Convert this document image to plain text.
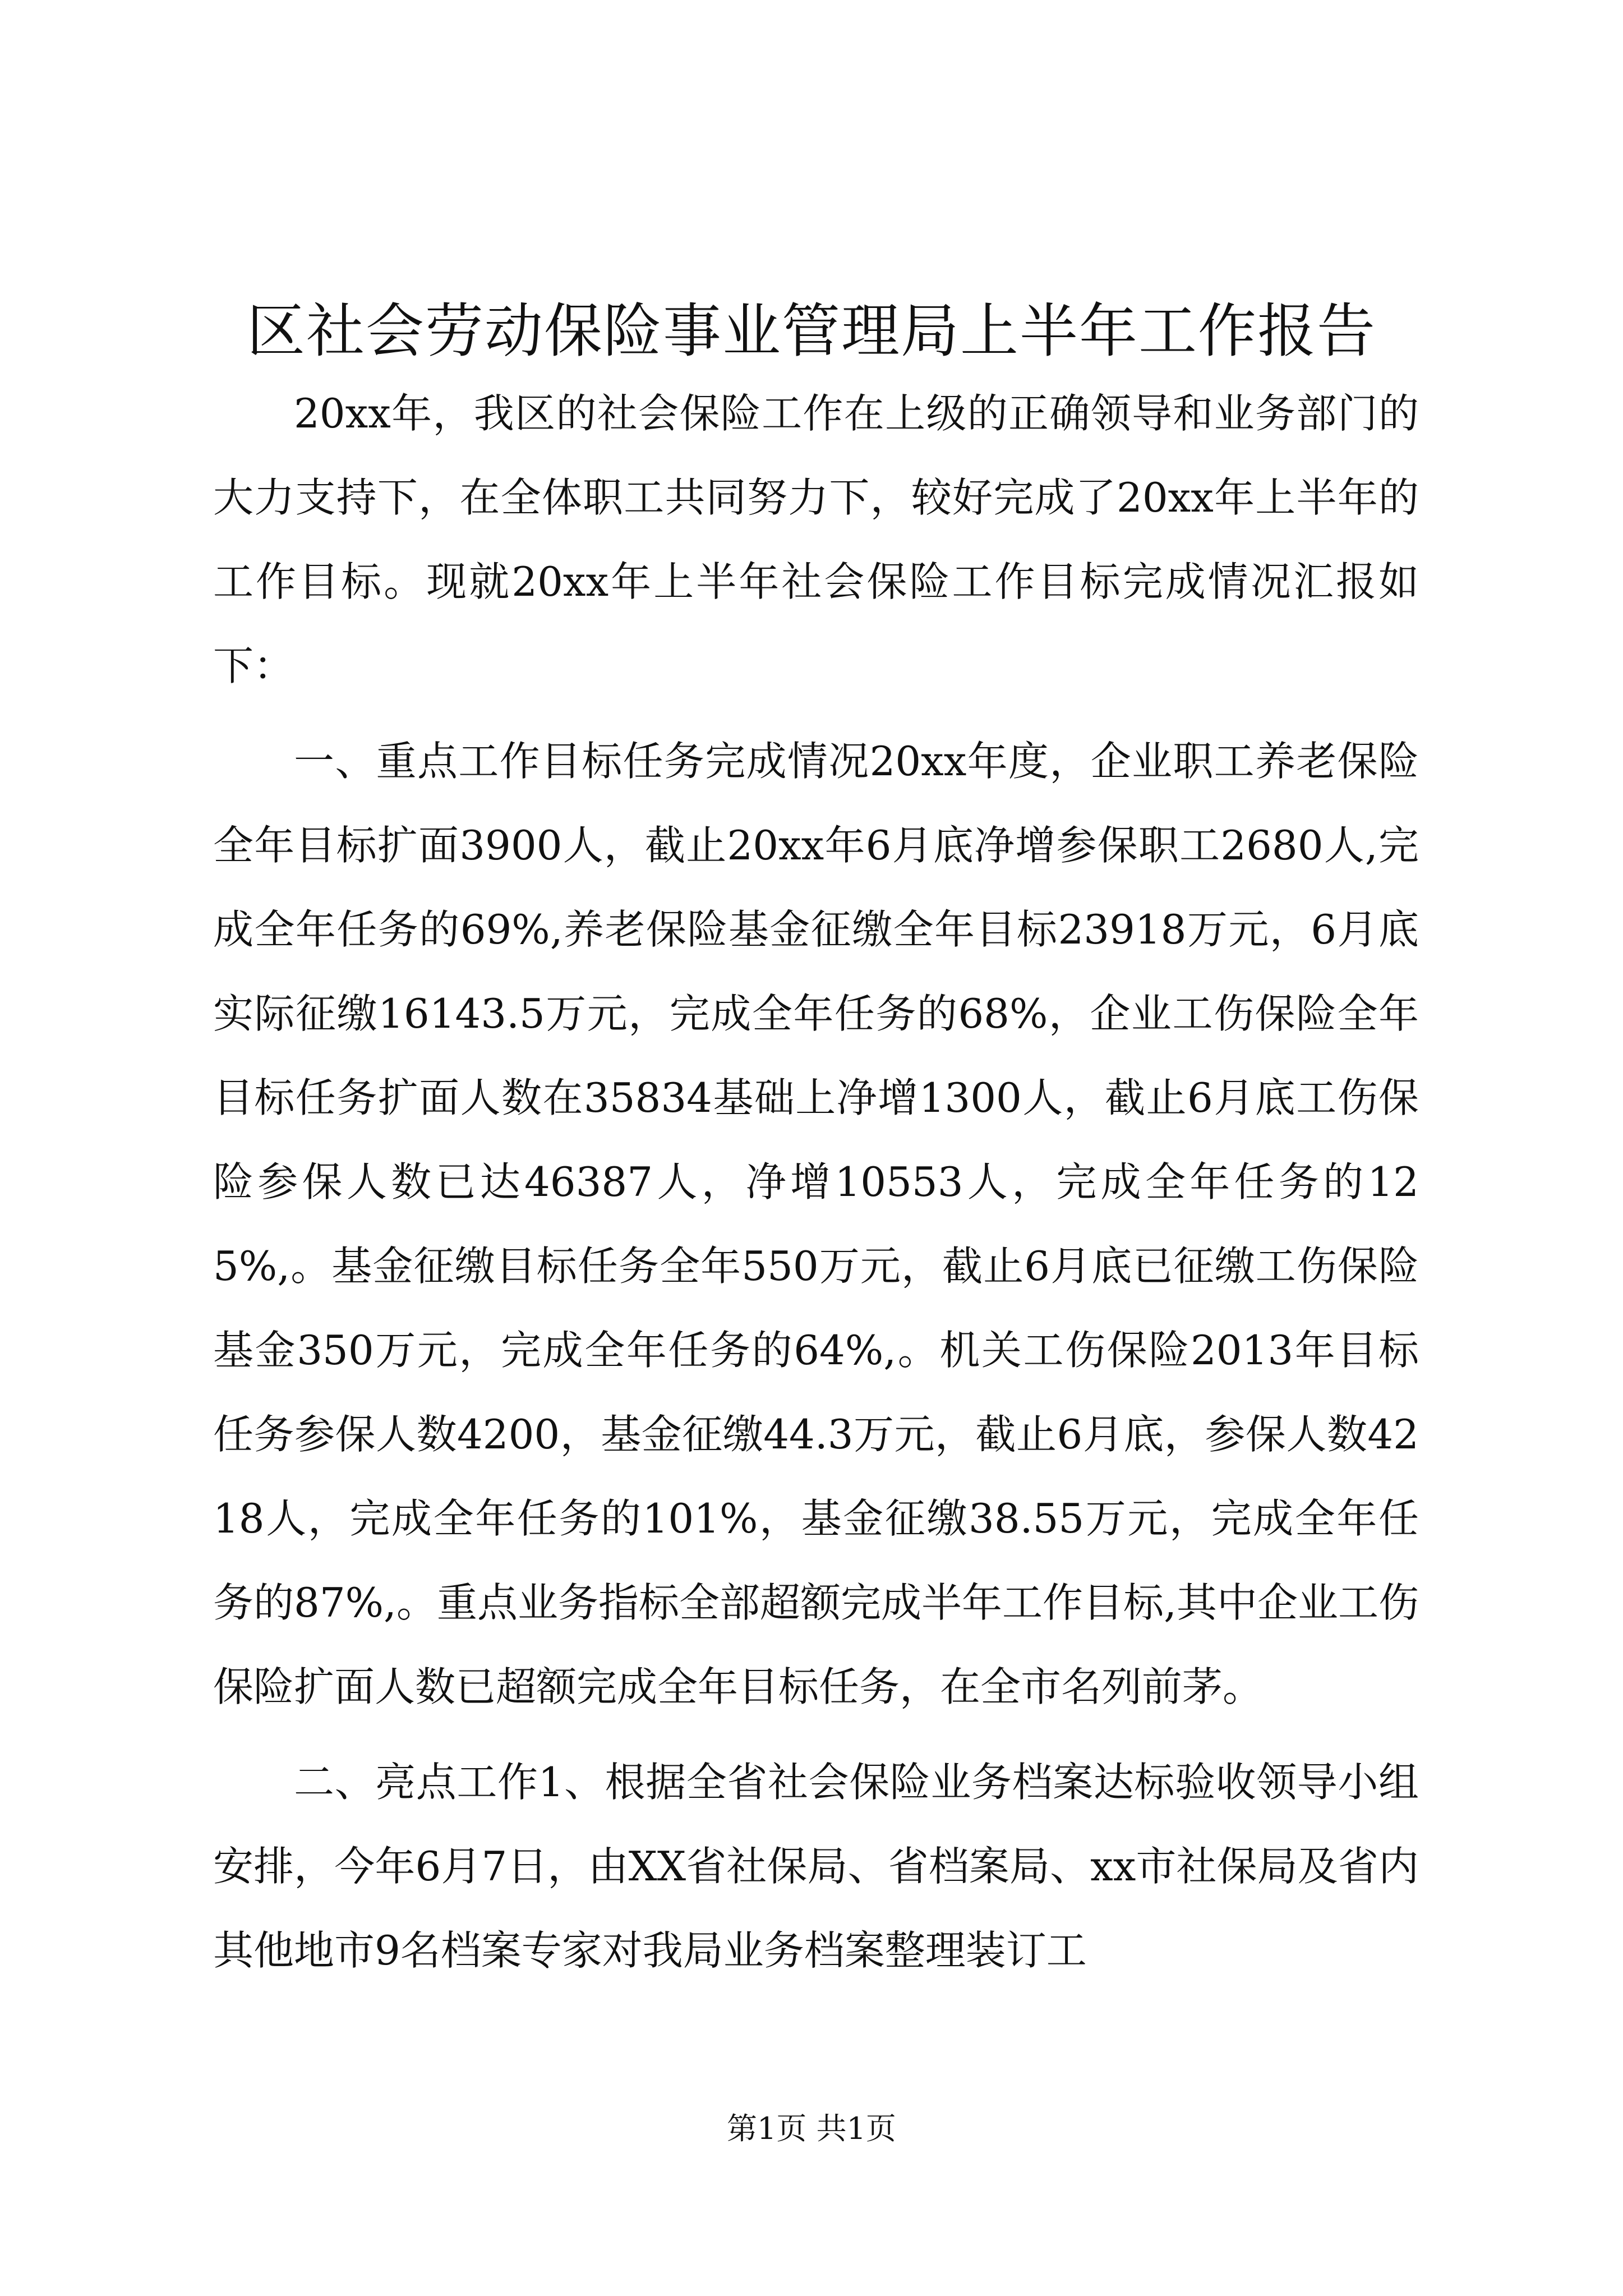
区社会劳动保险事业管理局上半年工作报告

20xx年，我区的社会保险工作在上级的正确领导和业务部门的大力支持下，在全体职工共同努力下，较好完成了20xx年上半年的工作目标。现就20xx年上半年社会保险工作目标完成情况汇报如下：

一、重点工作目标任务完成情况20xx年度，企业职工养老保险全年目标扩面3900人，截止20xx年6月底净增参保职工2680人,完成全年任务的69%,养老保险基金征缴全年目标23918万元，6月底实际征缴16143.5万元，完成全年任务的68%，企业工伤保险全年目标任务扩面人数在35834基础上净增1300人，截止6月底工伤保险参保人数已达46387人，净增10553人，完成全年任务的125%,。基金征缴目标任务全年550万元，截止6月底已征缴工伤保险基金350万元，完成全年任务的64%,。机关工伤保险2013年目标任务参保人数4200，基金征缴44.3万元，截止6月底，参保人数4218人，完成全年任务的101%，基金征缴38.55万元，完成全年任务的87%,。重点业务指标全部超额完成半年工作目标,其中企业工伤保险扩面人数已超额完成全年目标任务，在全市名列前茅。

二、亮点工作1、根据全省社会保险业务档案达标验收领导小组安排，今年6月7日，由XX省社保局、省档案局、xx市社保局及省内其他地市9名档案专家对我局业务档案整理装订工

第1页 共1页
